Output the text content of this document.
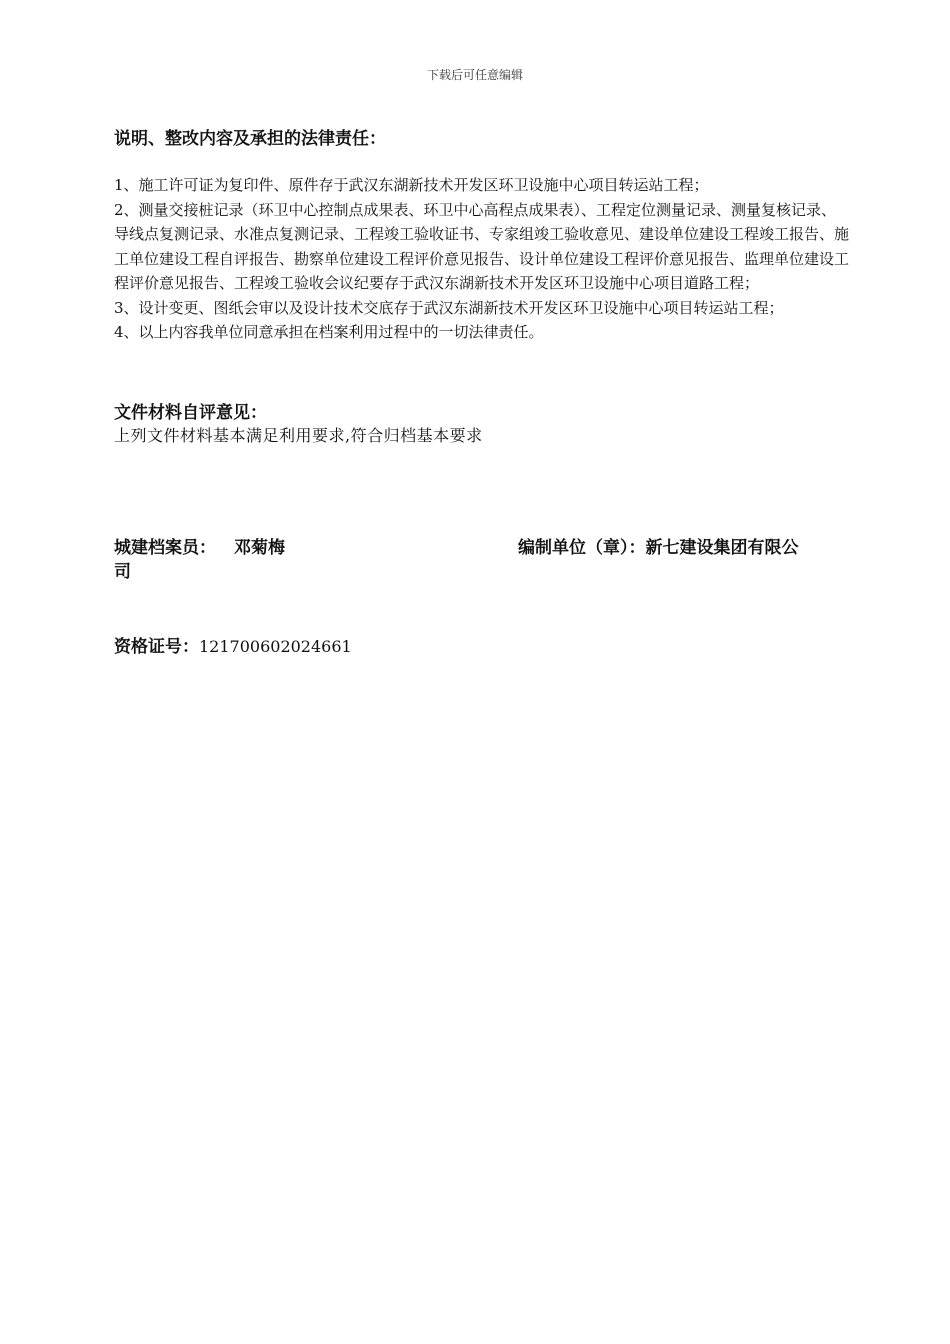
下载后可任意编辑
说明、整改内容及承担的法律责任：

1、施工许可证为复印件、原件存于武汉东湖新技术开发区环卫设施中心项目转运站工程；

2、测量交接桩记录（环卫中心控制点成果表、环卫中心高程点成果表）、工程定位测量记录、测量复核记录、导线点复测记录、水准点复测记录、工程竣工验收证书、专家组竣工验收意见、建设单位建设工程竣工报告、施工单位建设工程自评报告、勘察单位建设工程评价意见报告、设计单位建设工程评价意见报告、监理单位建设工程评价意见报告、工程竣工验收会议纪要存于武汉东湖新技术开发区环卫设施中心项目道路工程；

3、设计变更、图纸会审以及设计技术交底存于武汉东湖新技术开发区环卫设施中心项目转运站工程；

4、以上内容我单位同意承担在档案利用过程中的一切法律责任。

文件材料自评意见：
上列文件材料基本满足利用要求,符合归档基本要求
城建档案员： 邓菊梅	编制单位（章）：新七建设集团有限公
司
资格证号：121700602024661
